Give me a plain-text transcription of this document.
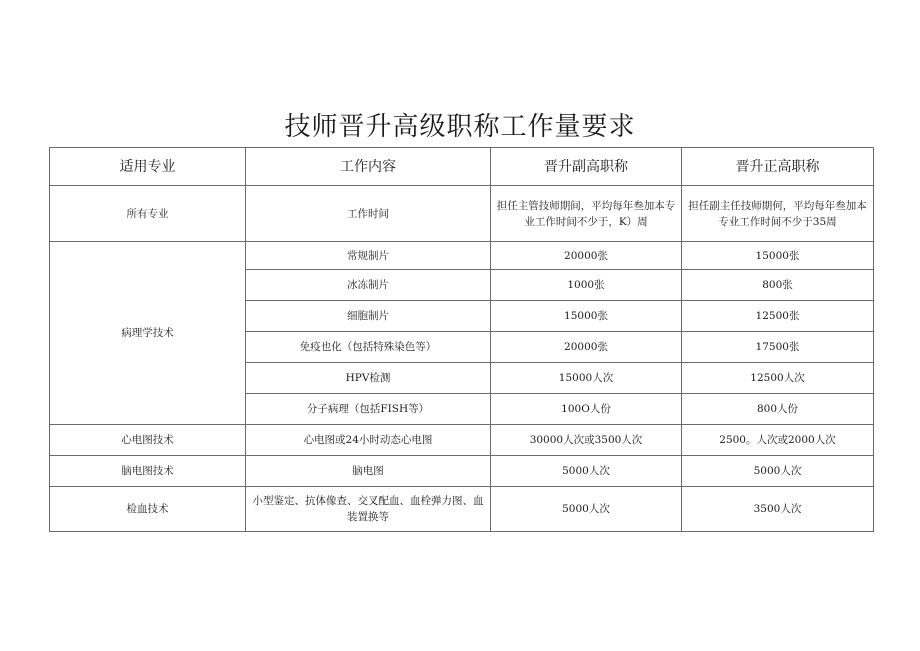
技师晋升高级职称工作量要求
适用专业	工作内容	晋升副高职称	晋升正高职称
所有专业	工作时间	担任主管技师期间，平均每年叁加本专业工作时间不少于，K）周	担任副主任技师期何，平均每年叁加本专业工作时间不少于35周
病理学技术	常规制片	20000张	15000张
	冰冻制片	1000张	800张
	细胞制片	15000张	12500张
	免疫也化（包括特殊染色等）	20000张	17500张
	HPV检测	15000人次	12500人次
	分子病理（包括FISH等）	100O人份	800人份
心电图技术	心电图或24小时动态心电图	30000人次或3500人次	2500。人次或2000人次
脑电图技术	脑电图	5000人次	5000人次
检血技术	小型鉴定、抗体像查、交叉配血、血栓弹力图、血装置换等	5000人次	3500人次
